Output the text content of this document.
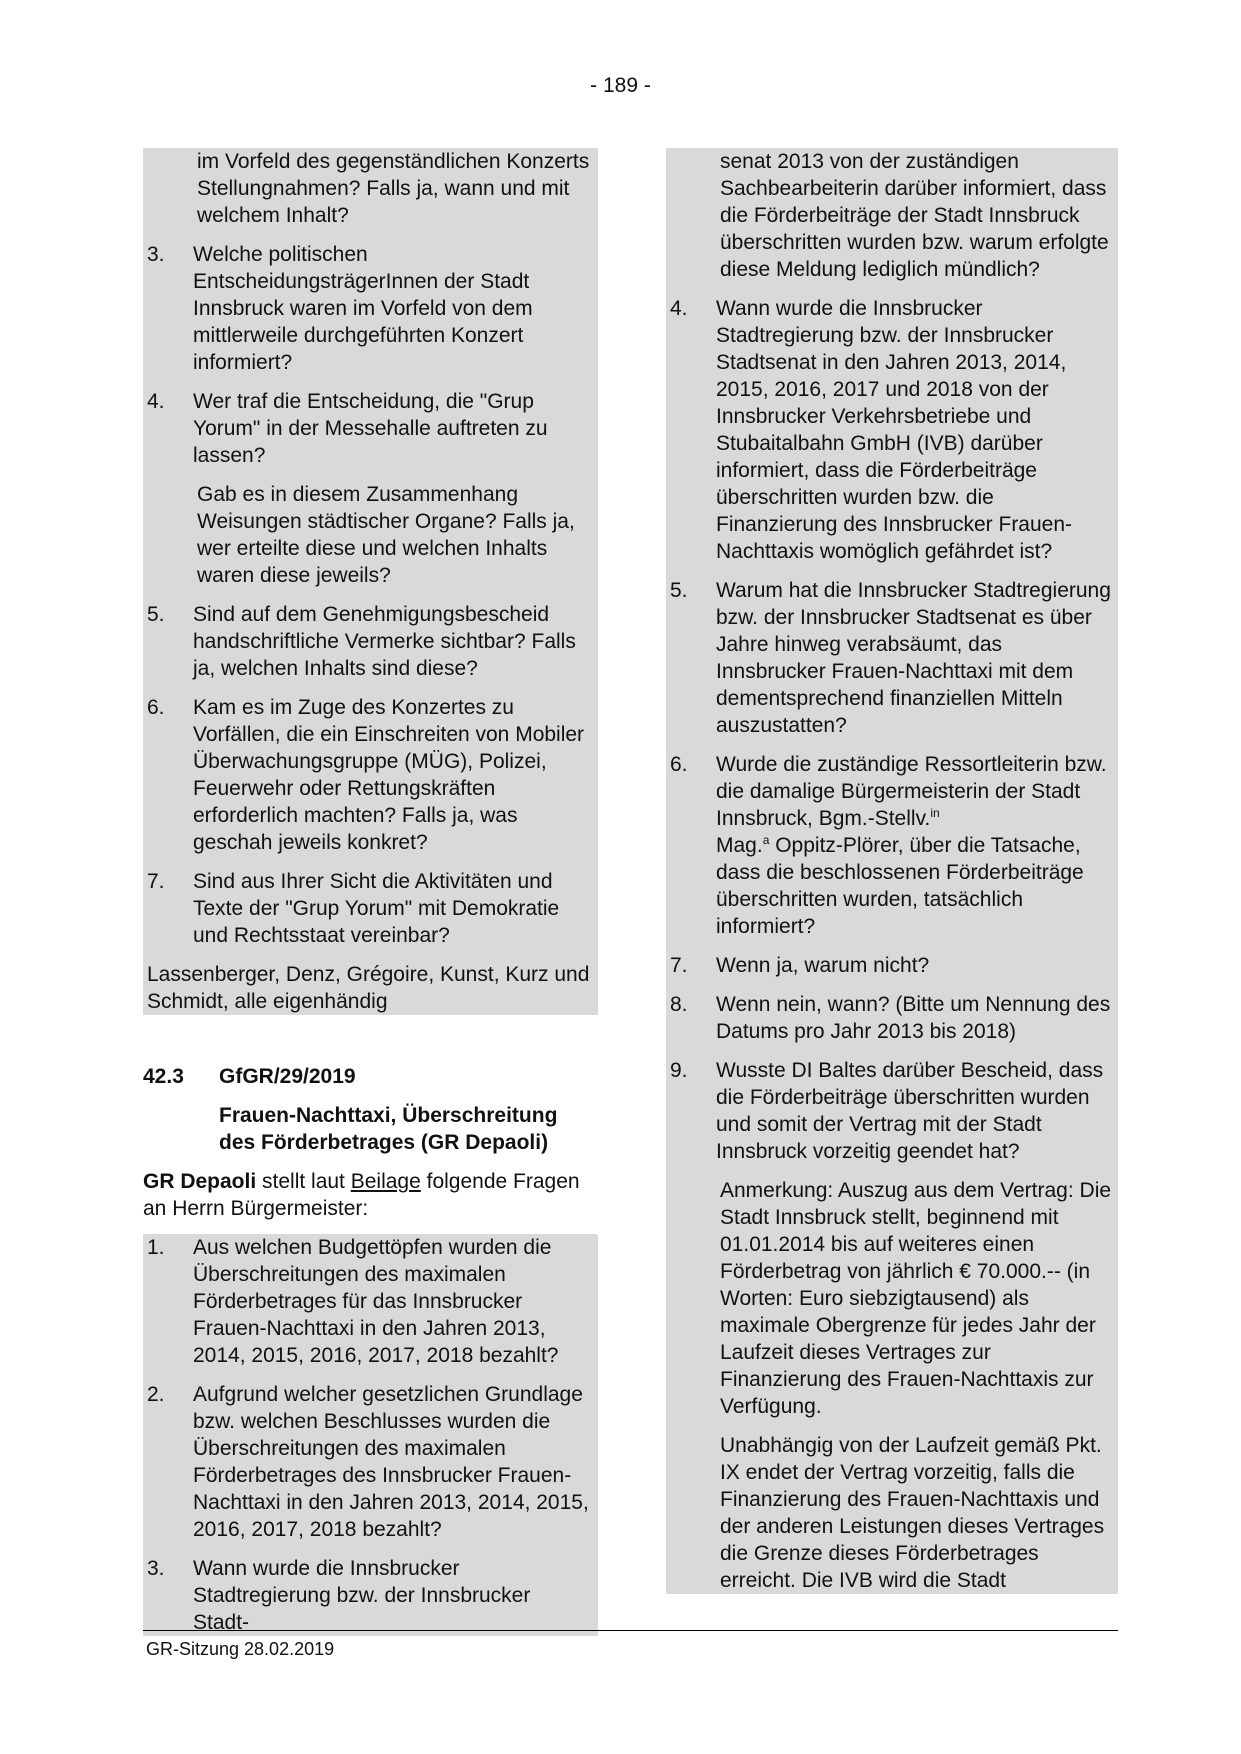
- 189 -
im Vorfeld des gegenständlichen Konzerts Stellungnahmen? Falls ja, wann und mit welchem Inhalt?
3.	Welche politischen EntscheidungsträgerInnen der Stadt Innsbruck waren im Vorfeld von dem mittlerweile durchgeführten Konzert informiert?
4.	Wer traf die Entscheidung, die "Grup Yorum" in der Messehalle auftreten zu lassen?
Gab es in diesem Zusammenhang Weisungen städtischer Organe? Falls ja, wer erteilte diese und welchen Inhalts waren diese jeweils?
5.	Sind auf dem Genehmigungsbescheid handschriftliche Vermerke sichtbar? Falls ja, welchen Inhalts sind diese?
6.	Kam es im Zuge des Konzertes zu Vorfällen, die ein Einschreiten von Mobiler Überwachungsgruppe (MÜG), Polizei, Feuerwehr oder Rettungskräften erforderlich machten? Falls ja, was geschah jeweils konkret?
7.	Sind aus Ihrer Sicht die Aktivitäten und Texte der "Grup Yorum" mit Demokratie und Rechtsstaat vereinbar?
Lassenberger, Denz, Grégoire, Kunst, Kurz und Schmidt, alle eigenhändig
42.3	GfGR/29/2019
Frauen-Nachttaxi, Überschreitung des Förderbetrages (GR Depaoli)
GR Depaoli stellt laut Beilage folgende Fragen an Herrn Bürgermeister:
1.	Aus welchen Budgettöpfen wurden die Überschreitungen des maximalen Förderbetrages für das Innsbrucker Frauen-Nachttaxi in den Jahren 2013, 2014, 2015, 2016, 2017, 2018 bezahlt?
2.	Aufgrund welcher gesetzlichen Grundlage bzw. welchen Beschlusses wurden die Überschreitungen des maximalen Förderbetrages des Innsbrucker Frauen-Nachttaxi in den Jahren 2013, 2014, 2015, 2016, 2017, 2018 bezahlt?
3.	Wann wurde die Innsbrucker Stadtregierung bzw. der Innsbrucker Stadt-
senat 2013 von der zuständigen Sachbearbeiterin darüber informiert, dass die Förderbeiträge der Stadt Innsbruck überschritten wurden bzw. warum erfolgte diese Meldung lediglich mündlich?
4.	Wann wurde die Innsbrucker Stadtregierung bzw. der Innsbrucker Stadtsenat in den Jahren 2013, 2014, 2015, 2016, 2017 und 2018 von der Innsbrucker Verkehrsbetriebe und Stubaitalbahn GmbH (IVB) darüber informiert, dass die Förderbeiträge überschritten wurden bzw. die Finanzierung des Innsbrucker Frauen-Nachttaxis womöglich gefährdet ist?
5.	Warum hat die Innsbrucker Stadtregierung bzw. der Innsbrucker Stadtsenat es über Jahre hinweg verabsäumt, das Innsbrucker Frauen-Nachttaxi mit dem dementsprechend finanziellen Mitteln auszustatten?
6.	Wurde die zuständige Ressortleiterin bzw. die damalige Bürgermeisterin der Stadt Innsbruck, Bgm.-Stellv.$^{in}$
Mag.$^a$ Oppitz-Plörer, über die Tatsache, dass die beschlossenen Förderbeiträge überschritten wurden, tatsächlich informiert?
7.	Wenn ja, warum nicht?
8.	Wenn nein, wann? (Bitte um Nennung des Datums pro Jahr 2013 bis 2018)
9.	Wusste DI Baltes darüber Bescheid, dass die Förderbeiträge überschritten wurden und somit der Vertrag mit der Stadt Innsbruck vorzeitig geendet hat?
Anmerkung: Auszug aus dem Vertrag: Die Stadt Innsbruck stellt, beginnend mit 01.01.2014 bis auf weiteres einen Förderbetrag von jährlich € 70.000.-- (in Worten: Euro siebzigtausend) als maximale Obergrenze für jedes Jahr der Laufzeit dieses Vertrages zur Finanzierung des Frauen-Nachttaxis zur Verfügung.
Unabhängig von der Laufzeit gemäß Pkt. IX endet der Vertrag vorzeitig, falls die Finanzierung des Frauen-Nachttaxis und der anderen Leistungen dieses Vertrages die Grenze dieses Förderbetrages erreicht. Die IVB wird die Stadt
GR-Sitzung 28.02.2019
